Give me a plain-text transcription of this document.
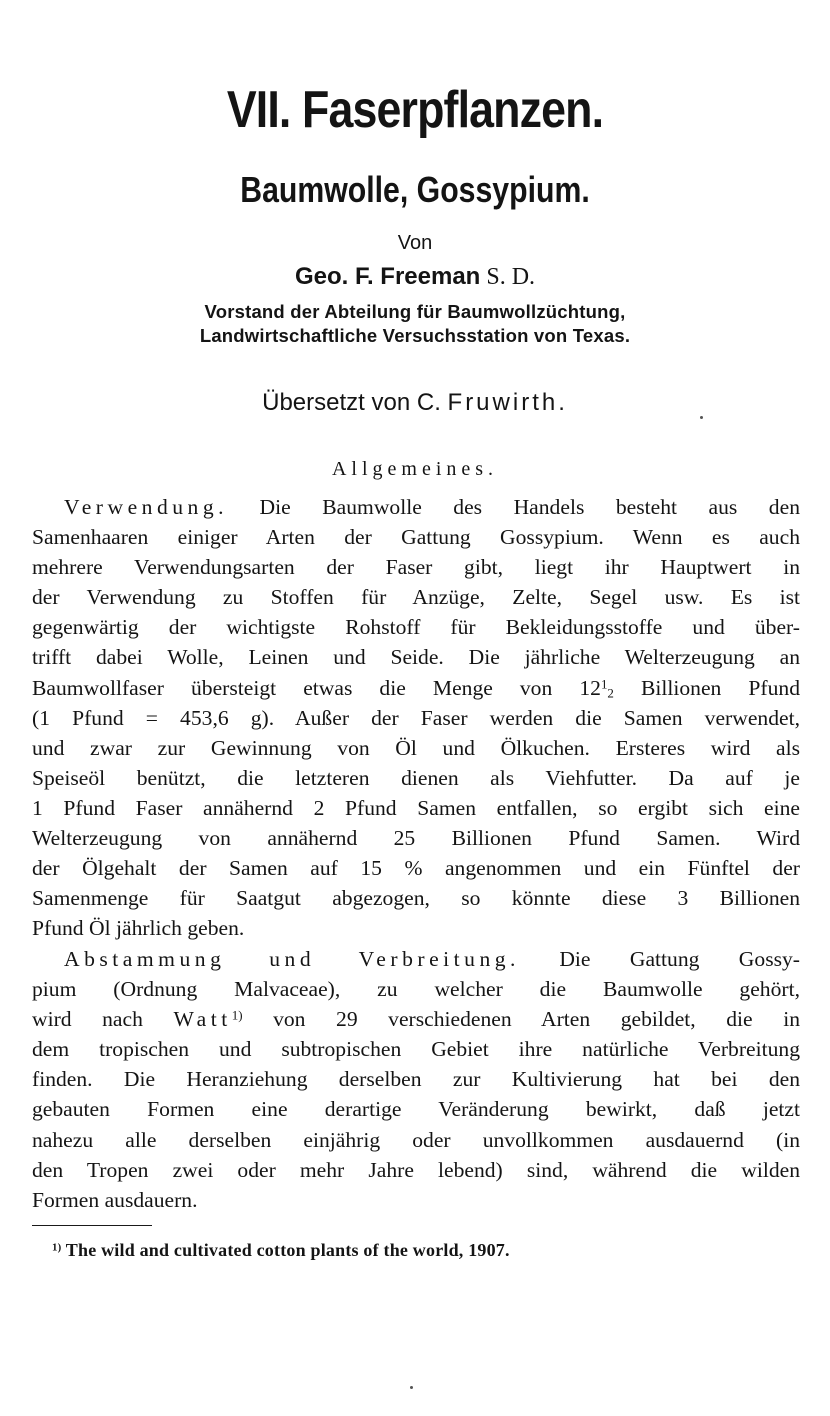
VII. Faserpflanzen.
Baumwolle, Gossypium.
Von
Geo. F. Freeman S. D.
Vorstand der Abteilung für Baumwollzüchtung,
Landwirtschaftliche Versuchsstation von Texas.
Übersetzt von C. Fruwirth.
Allgemeines.
Verwendung. Die Baumwolle des Handels besteht aus den
Samenhaaren einiger Arten der Gattung Gossypium. Wenn es auch
mehrere Verwendungsarten der Faser gibt, liegt ihr Hauptwert in
der Verwendung zu Stoffen für Anzüge, Zelte, Segel usw. Es ist
gegenwärtig der wichtigste Rohstoff für Bekleidungsstoffe und über-
trifft dabei Wolle, Leinen und Seide. Die jährliche Welterzeugung an
Baumwollfaser übersteigt etwas die Menge von $12^1_2$ Billionen Pfund
(1 Pfund = 453,6 g). Außer der Faser werden die Samen verwendet,
und zwar zur Gewinnung von Öl und Ölkuchen. Ersteres wird als
Speiseöl benützt, die letzteren dienen als Viehfutter. Da auf je
1 Pfund Faser annähernd 2 Pfund Samen entfallen, so ergibt sich eine
Welterzeugung von annähernd 25 Billionen Pfund Samen. Wird
der Ölgehalt der Samen auf 15 % angenommen und ein Fünftel der
Samenmenge für Saatgut abgezogen, so könnte diese 3 Billionen
Pfund Öl jährlich geben.
Abstammung und Verbreitung. Die Gattung Gossy-
pium (Ordnung Malvaceae), zu welcher die Baumwolle gehört,
wird nach Watt$^{1)}$ von 29 verschiedenen Arten gebildet, die in
dem tropischen und subtropischen Gebiet ihre natürliche Verbreitung
finden. Die Heranziehung derselben zur Kultivierung hat bei den
gebauten Formen eine derartige Veränderung bewirkt, daß jetzt
nahezu alle derselben einjährig oder unvollkommen ausdauernd (in
den Tropen zwei oder mehr Jahre lebend) sind, während die wilden
Formen ausdauern.
$^{1)}$ The wild and cultivated cotton plants of the world, 1907.
